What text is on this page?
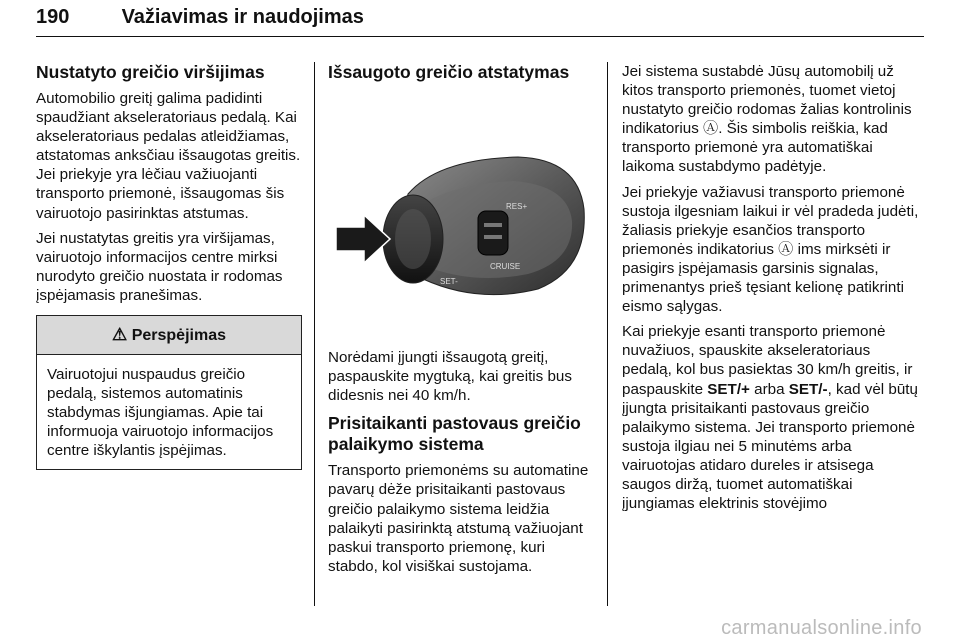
190	Važiavimas ir naudojimas
Nustatyto greičio viršijimas

Automobilio greitį galima padidinti spaudžiant akseleratoriaus pedalą. Kai akseleratoriaus pedalas atleidžiamas, atstatomas anksčiau išsaugotas greitis. Jei priekyje yra lėčiau važiuojanti transporto priemonė, išsaugomas šis vairuotojo pasirinktas atstumas.

Jei nustatytas greitis yra viršijamas, vairuotojo informacijos centre mirksi nurodyto greičio nuostata ir rodomas įspėjamasis pranešimas.

⚠ Perspėjimas
Vairuotojui nuspaudus greičio pedalą, sistemos automatinis stabdymas išjungiamas. Apie tai informuoja vairuotojo informacijos centre iškylantis įspėjimas.
Išsaugoto greičio atstatymas
RES+
CRUISE
SET-

Norėdami įjungti išsaugotą greitį, paspauskite mygtuką, kai greitis bus didesnis nei 40 km/h.

Prisitaikanti pastovaus greičio palaikymo sistema

Transporto priemonėms su automatine pavarų dėže prisitaikanti pastovaus greičio palaikymo sistema leidžia palaikyti pasirinktą atstumą važiuojant paskui transporto priemonę, kuri stabdo, kol visiškai sustojama.

Jei sistema sustabdė Jūsų automobilį už kitos transporto priemonės, tuomet vietoj nustatyto greičio rodomas žalias kontrolinis indikatorius Ⓐ. Šis simbolis reiškia, kad transporto priemonė yra automatiškai laikoma sustabdymo padėtyje.

Jei priekyje važiavusi transporto priemonė sustoja ilgesniam laikui ir vėl pradeda judėti, žaliasis priekyje esančios transporto priemonės indikatorius Ⓐ ims mirksėti ir pasigirs įspėjamasis garsinis signalas, primenantys prieš tęsiant kelionę patikrinti eismo sąlygas.

Kai priekyje esanti transporto priemonė nuvažiuos, spauskite akseleratoriaus pedalą, kol bus pasiektas 30 km/h greitis, ir paspauskite SET/+ arba SET/-, kad vėl būtų įjungta prisitaikanti pastovaus greičio palaikymo sistema. Jei transporto priemonė sustoja ilgiau nei 5 minutėms arba vairuotojas atidaro dureles ir atsisega saugos diržą, tuomet automatiškai įjungiamas elektrinis stovėjimo

carmanualsonline.info
